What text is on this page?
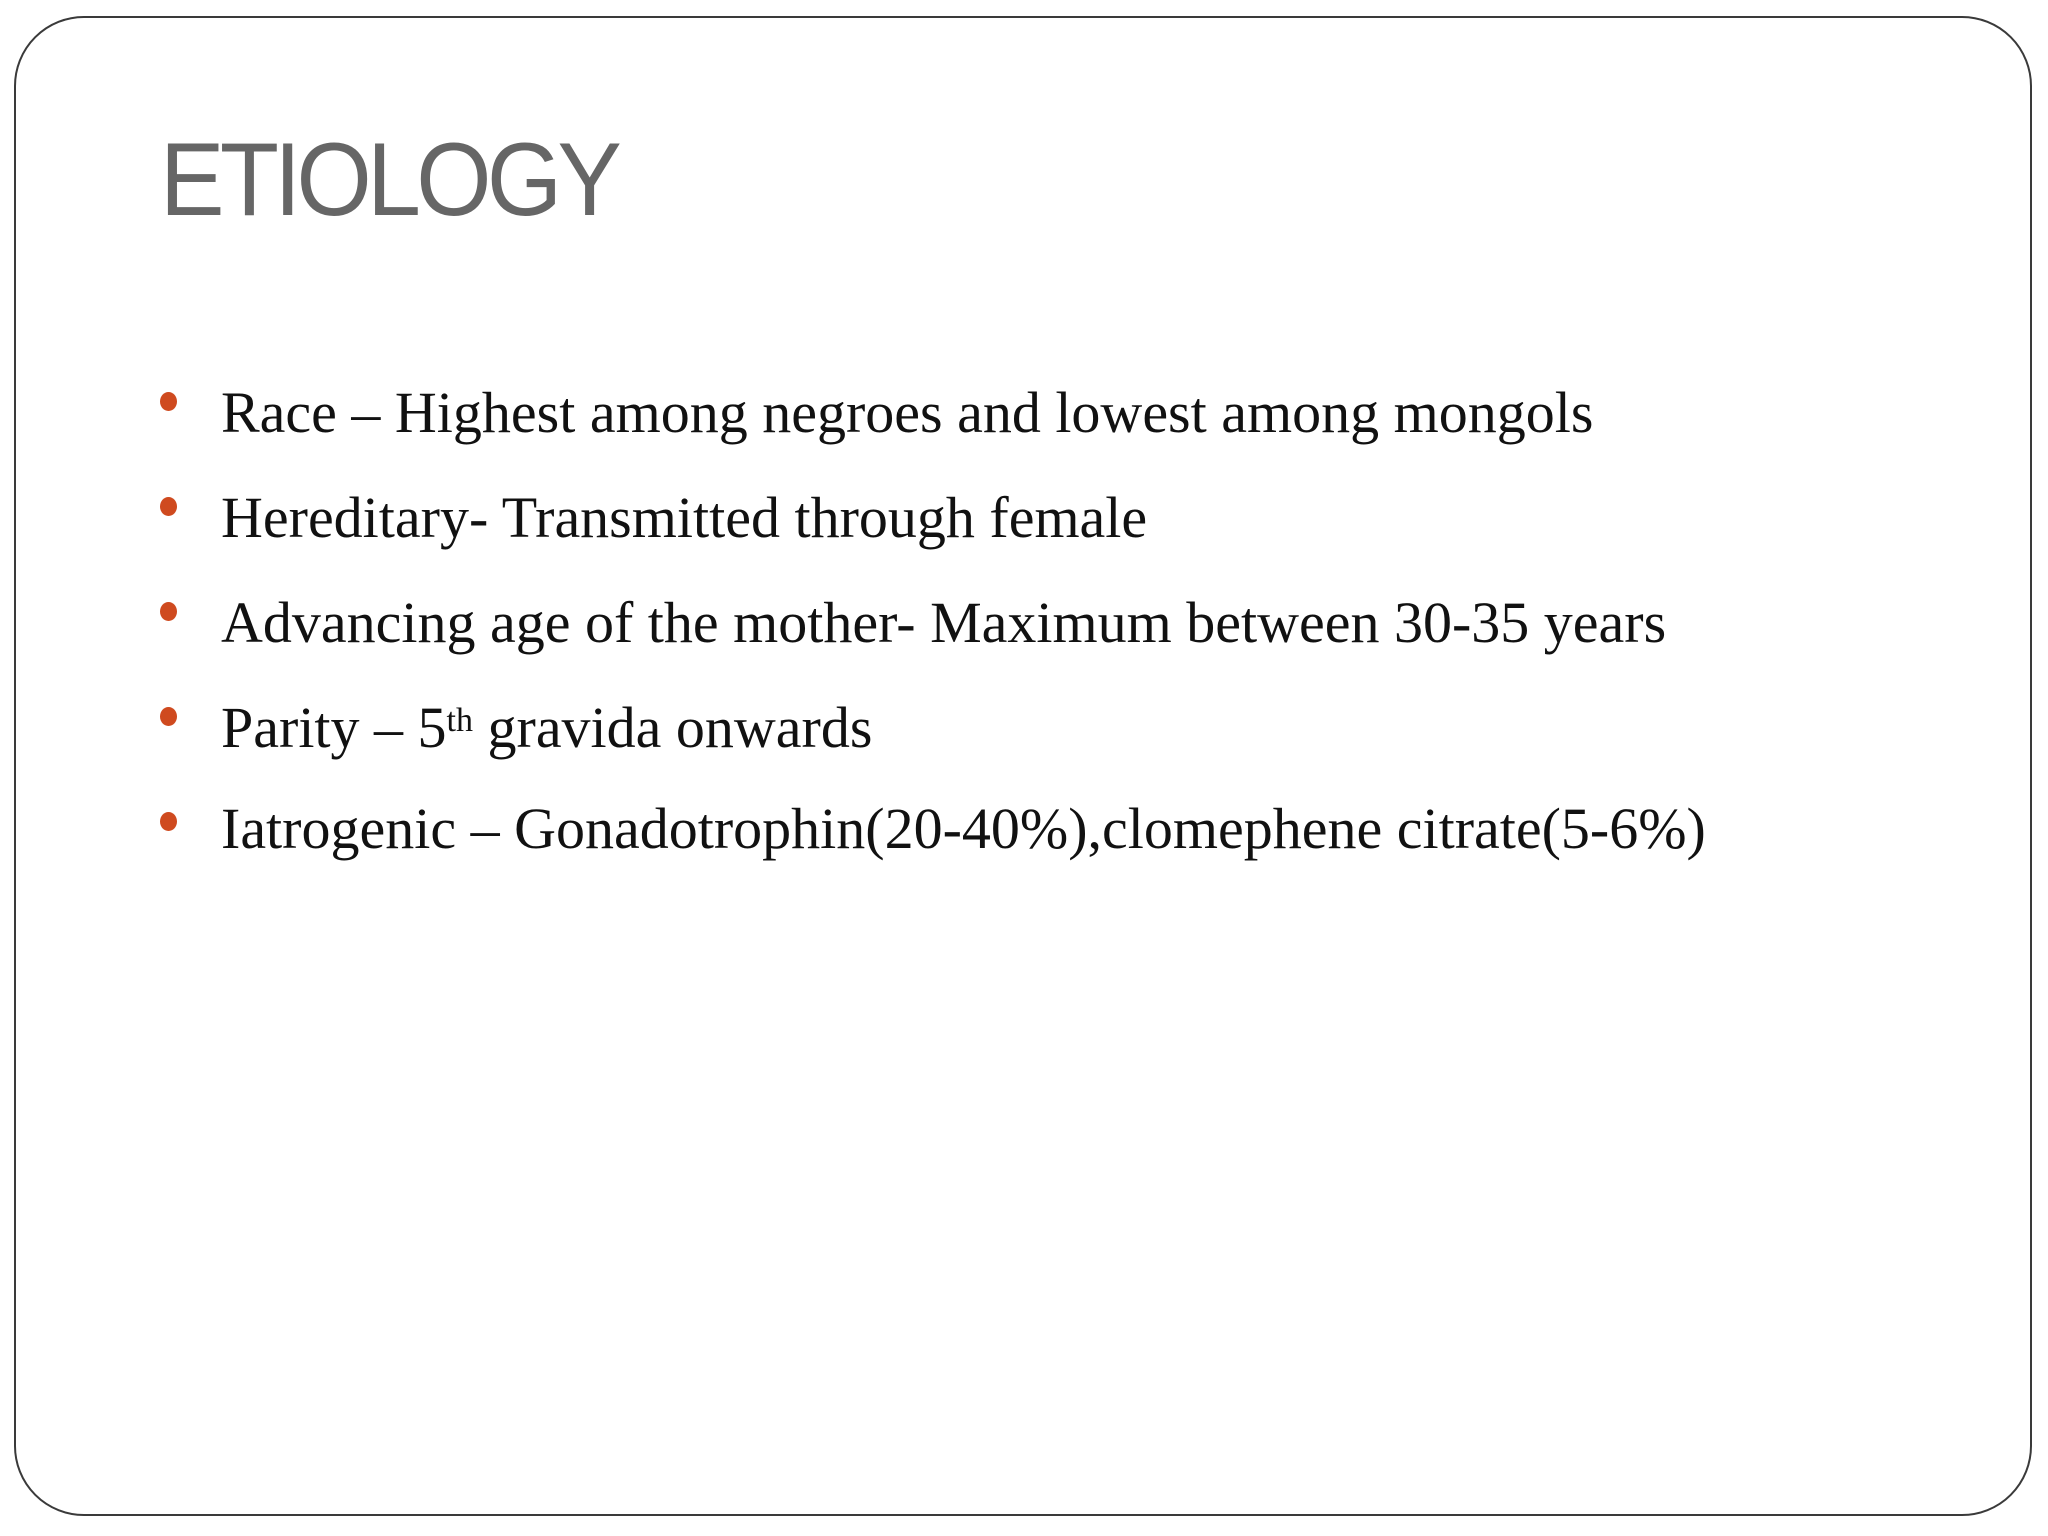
ETIOLOGY
Race – Highest among negroes and lowest among mongols
Hereditary- Transmitted through female
Advancing age of the mother- Maximum between 30-35 years
Parity – 5th gravida onwards
Iatrogenic – Gonadotrophin(20-40%),clomephene citrate(5-6%)
